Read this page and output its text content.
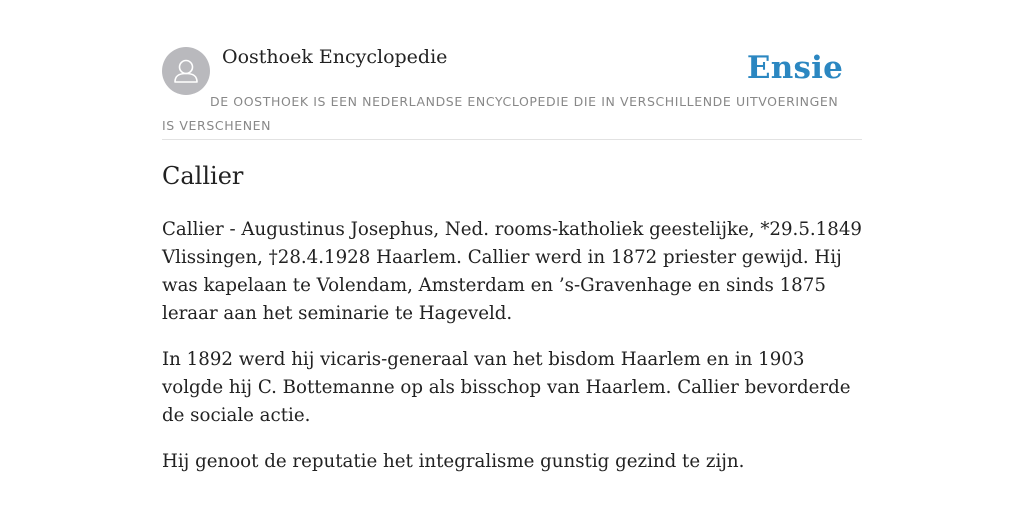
Oosthoek Encyclopedie	Ensie
DE OOSTHOEK IS EEN NEDERLANDSE ENCYCLOPEDIE DIE IN VERSCHILLENDE UITVOERINGEN IS VERSCHENEN
Callier

Callier - Augustinus Josephus, Ned. rooms-katholiek geestelijke, *29.5.1849 Vlissingen, †28.4.1928 Haarlem. Callier werd in 1872 priester gewijd. Hij was kapelaan te Volendam, Amsterdam en ’s-Gravenhage en sinds 1875 leraar aan het seminarie te Hageveld.

In 1892 werd hij vicaris-generaal van het bisdom Haarlem en in 1903 volgde hij C. Bottemanne op als bisschop van Haarlem. Callier bevorderde de sociale actie.

Hij genoot de reputatie het integralisme gunstig gezind te zijn.
